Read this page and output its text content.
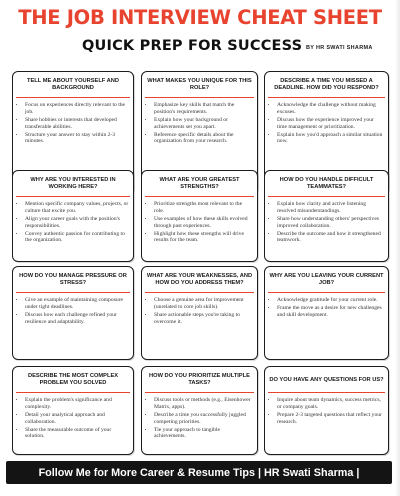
THE JOB INTERVIEW CHEAT SHEET
QUICK PREP FOR SUCCESS BY HR SWATI SHARMA
TELL ME ABOUT YOURSELF AND BACKGROUND
• Focus on experiences directly relevant to the job.
• Share hobbies or interests that developed transferable abilities.
• Structure your answer to stay within 2-3 minutes.
WHAT MAKES YOU UNIQUE FOR THIS ROLE?
• Emphasize key skills that match the position's requirements.
• Explain how your background or achievements set you apart.
• Reference specific details about the organization from your research.
DESCRIBE A TIME YOU MISSED A DEADLINE. HOW DID YOU RESPOND?
• Acknowledge the challenge without making excuses.
• Discuss how the experience improved your time management or prioritization.
• Explain how you'd approach a similar situation now.
WHY ARE YOU INTERESTED IN WORKING HERE?
• Mention specific company values, projects, or culture that excite you.
• Align your career goals with the position's responsibilities.
• Convey authentic passion for contributing to the organization.
WHAT ARE YOUR GREATEST STRENGTHS?
• Prioritize strengths most relevant to the role.
• Use examples of how these skills evolved through past experiences.
• Highlight how these strengths will drive results for the team.
HOW DO YOU HANDLE DIFFICULT TEAMMATES?
• Explain how clarity and active listening resolved misunderstandings.
• Share how understanding others' perspectives improved collaboration.
• Describe the outcome and how it strengthened teamwork.
HOW DO YOU MANAGE PRESSURE OR STRESS?
• Give an example of maintaining composure under tight deadlines.
• Discuss how each challenge refined your resilience and adaptability.
WHAT ARE YOUR WEAKNESSES, AND HOW DO YOU ADDRESS THEM?
• Choose a genuine area for improvement (unrelated to core job skills).
• Share actionable steps you're taking to overcome it.
WHY ARE YOU LEAVING YOUR CURRENT JOB?
• Acknowledge gratitude for your current role.
• Frame the move as a desire for new challenges and skill development.
DESCRIBE THE MOST COMPLEX PROBLEM YOU SOLVED
• Explain the problem's significance and complexity.
• Detail your analytical approach and collaboration.
• Share the measurable outcome of your solution.
HOW DO YOU PRIORITIZE MULTIPLE TASKS?
• Discuss tools or methods (e.g., Eisenhower Matrix, apps).
• Describe a time you successfully juggled competing priorities.
• Tie your approach to tangible achievements.
DO YOU HAVE ANY QUESTIONS FOR US?
• Inquire about team dynamics, success metrics, or company goals.
• Prepare 2-3 targeted questions that reflect your research.
Follow Me for More Career & Resume Tips | HR Swati Sharma |
